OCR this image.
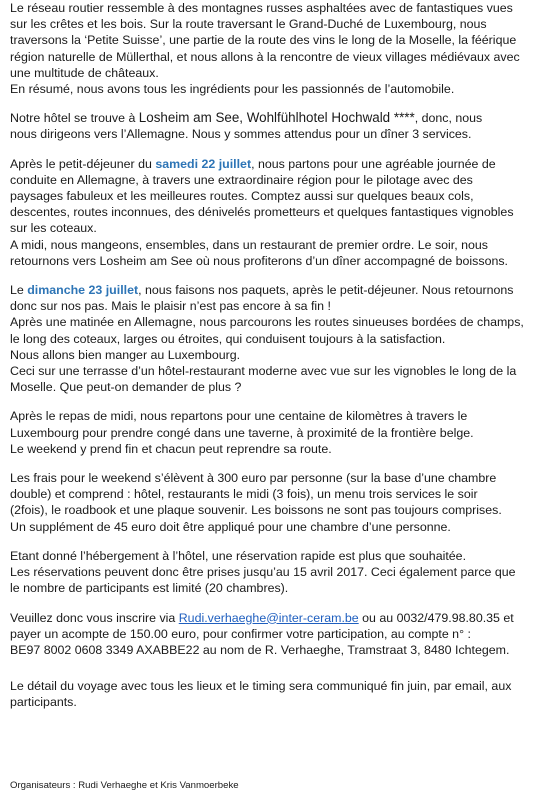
Le réseau routier ressemble à des montagnes russes asphaltées avec de fantastiques vues
sur les crêtes et les bois. Sur la route traversant le Grand-Duché de Luxembourg, nous
traversons la ‘Petite Suisse’, une partie de la route des vins le long de la Moselle, la féérique
région naturelle de Müllerthal, et nous allons à la rencontre de vieux villages médiévaux avec
une multitude de châteaux.
En résumé, nous avons tous les ingrédients pour les passionnés de l’automobile.

Notre hôtel se trouve à Losheim am See, Wohlfühlhotel Hochwald ****, donc, nous
nous dirigeons vers l’Allemagne. Nous y sommes attendus pour un dîner 3 services.

Après le petit-déjeuner du samedi 22 juillet, nous partons pour une agréable journée de
conduite en Allemagne, à travers une extraordinaire région pour le pilotage avec des
paysages fabuleux et les meilleures routes. Comptez aussi sur quelques beaux cols,
descentes, routes inconnues, des dénivelés prometteurs et quelques fantastiques vignobles
sur les coteaux.
A midi, nous mangeons, ensembles, dans un restaurant de premier ordre. Le soir, nous
retournons vers Losheim am See où nous profiterons d’un dîner accompagné de boissons.

Le dimanche 23 juillet, nous faisons nos paquets, après le petit-déjeuner. Nous retournons
donc sur nos pas. Mais le plaisir n’est pas encore à sa fin !
Après une matinée en Allemagne, nous parcourons les routes sinueuses bordées de champs,
le long des coteaux, larges ou étroites, qui conduisent toujours à la satisfaction.
Nous allons bien manger au Luxembourg.
Ceci sur une terrasse d’un hôtel-restaurant moderne avec vue sur les vignobles le long de la
Moselle. Que peut-on demander de plus ?

Après le repas de midi, nous repartons pour une centaine de kilomètres à travers le
Luxembourg pour prendre congé dans une taverne, à proximité de la frontière belge.
Le weekend y prend fin et chacun peut reprendre sa route.

Les frais pour le weekend s’élèvent à 300 euro par personne (sur la base d’une chambre
double) et comprend : hôtel, restaurants le midi (3 fois), un menu trois services le soir
(2fois), le roadbook et une plaque souvenir. Les boissons ne sont pas toujours comprises.
Un supplément de 45 euro doit être appliqué pour une chambre d’une personne.

Etant donné l’hébergement à l’hôtel, une réservation rapide est plus que souhaitée.
Les réservations peuvent donc être prises jusqu’au 15 avril 2017. Ceci également parce que
le nombre de participants est limité (20 chambres).

Veuillez donc vous inscrire via Rudi.verhaeghe@inter-ceram.be ou au 0032/479.98.80.35 et
payer un acompte de 150.00 euro, pour confirmer votre participation, au compte n° :
BE97 8002 0608 3349 AXABBE22 au nom de R. Verhaeghe, Tramstraat 3, 8480 Ichtegem.

Le détail du voyage avec tous les lieux et le timing sera communiqué fin juin, par email, aux
participants.

Organisateurs : Rudi Verhaeghe et Kris Vanmoerbeke
